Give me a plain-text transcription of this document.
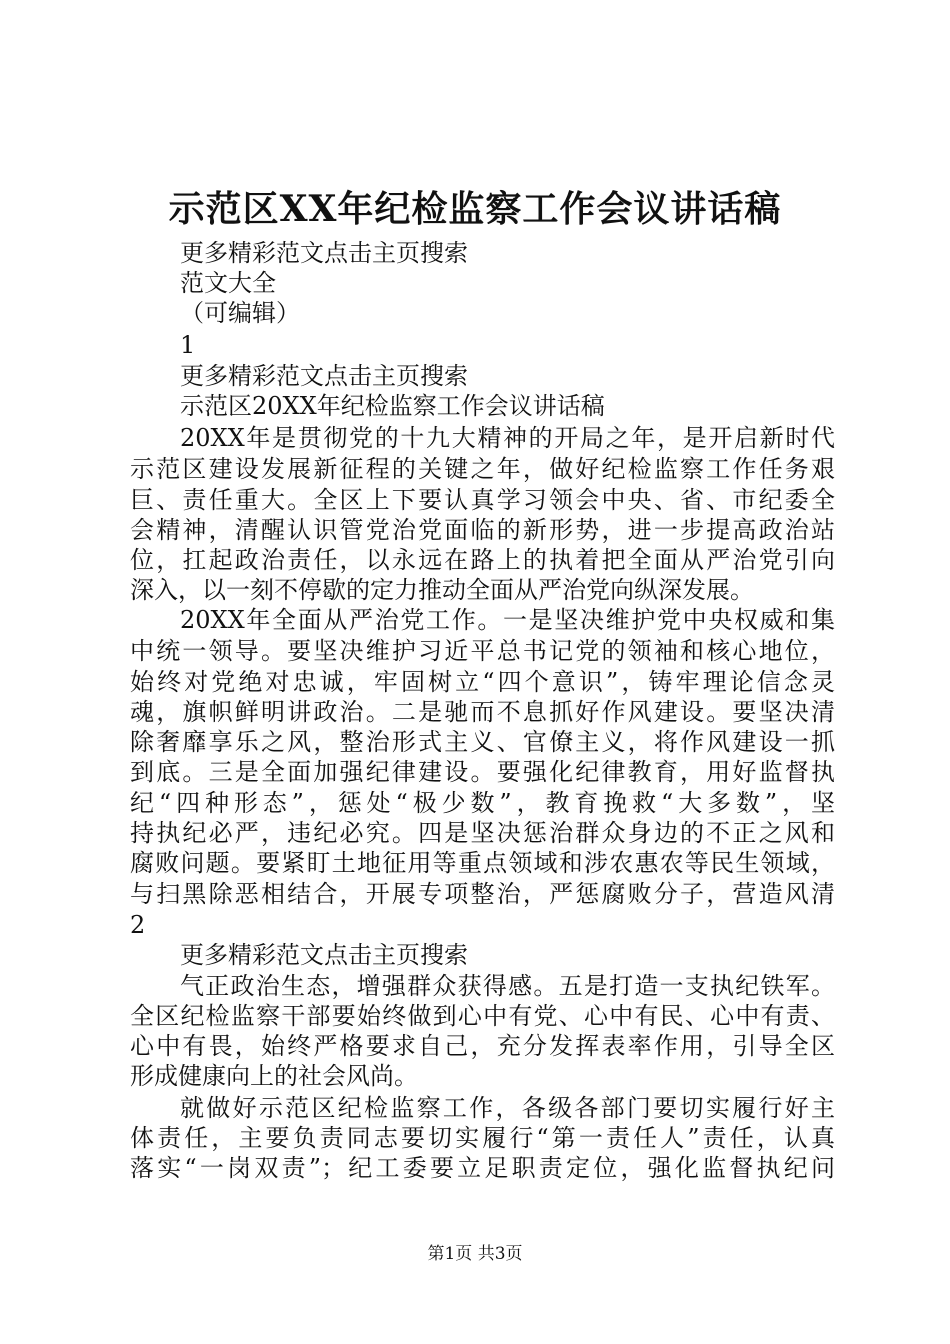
示范区XX年纪检监察工作会议讲话稿
更多精彩范文点击主页搜索
范文大全
（可编辑）
1
更多精彩范文点击主页搜索
示范区20XX年纪检监察工作会议讲话稿
20XX年是贯彻党的十九大精神的开局之年，是开启新时代
示范区建设发展新征程的关键之年，做好纪检监察工作任务艰
巨、责任重大。全区上下要认真学习领会中央、省、市纪委全
会精神，清醒认识管党治党面临的新形势，进一步提高政治站
位，扛起政治责任，以永远在路上的执着把全面从严治党引向
深入，以一刻不停歇的定力推动全面从严治党向纵深发展。
20XX年全面从严治党工作。一是坚决维护党中央权威和集
中统一领导。要坚决维护习近平总书记党的领袖和核心地位，
始终对党绝对忠诚，牢固树立“四个意识”，铸牢理论信念灵
魂，旗帜鲜明讲政治。二是驰而不息抓好作风建设。要坚决清
除奢靡享乐之风，整治形式主义、官僚主义，将作风建设一抓
到底。三是全面加强纪律建设。要强化纪律教育，用好监督执
纪“四种形态”，惩处“极少数”，教育挽救“大多数”，坚
持执纪必严，违纪必究。四是坚决惩治群众身边的不正之风和
腐败问题。要紧盯土地征用等重点领域和涉农惠农等民生领域，
与扫黑除恶相结合，开展专项整治，严惩腐败分子，营造风清
2
更多精彩范文点击主页搜索
气正政治生态，增强群众获得感。五是打造一支执纪铁军。
全区纪检监察干部要始终做到心中有党、心中有民、心中有责、
心中有畏，始终严格要求自己，充分发挥表率作用，引导全区
形成健康向上的社会风尚。
就做好示范区纪检监察工作，各级各部门要切实履行好主
体责任，主要负责同志要切实履行“第一责任人”责任，认真
落实“一岗双责”；纪工委要立足职责定位，强化监督执纪问
第1页 共3页
